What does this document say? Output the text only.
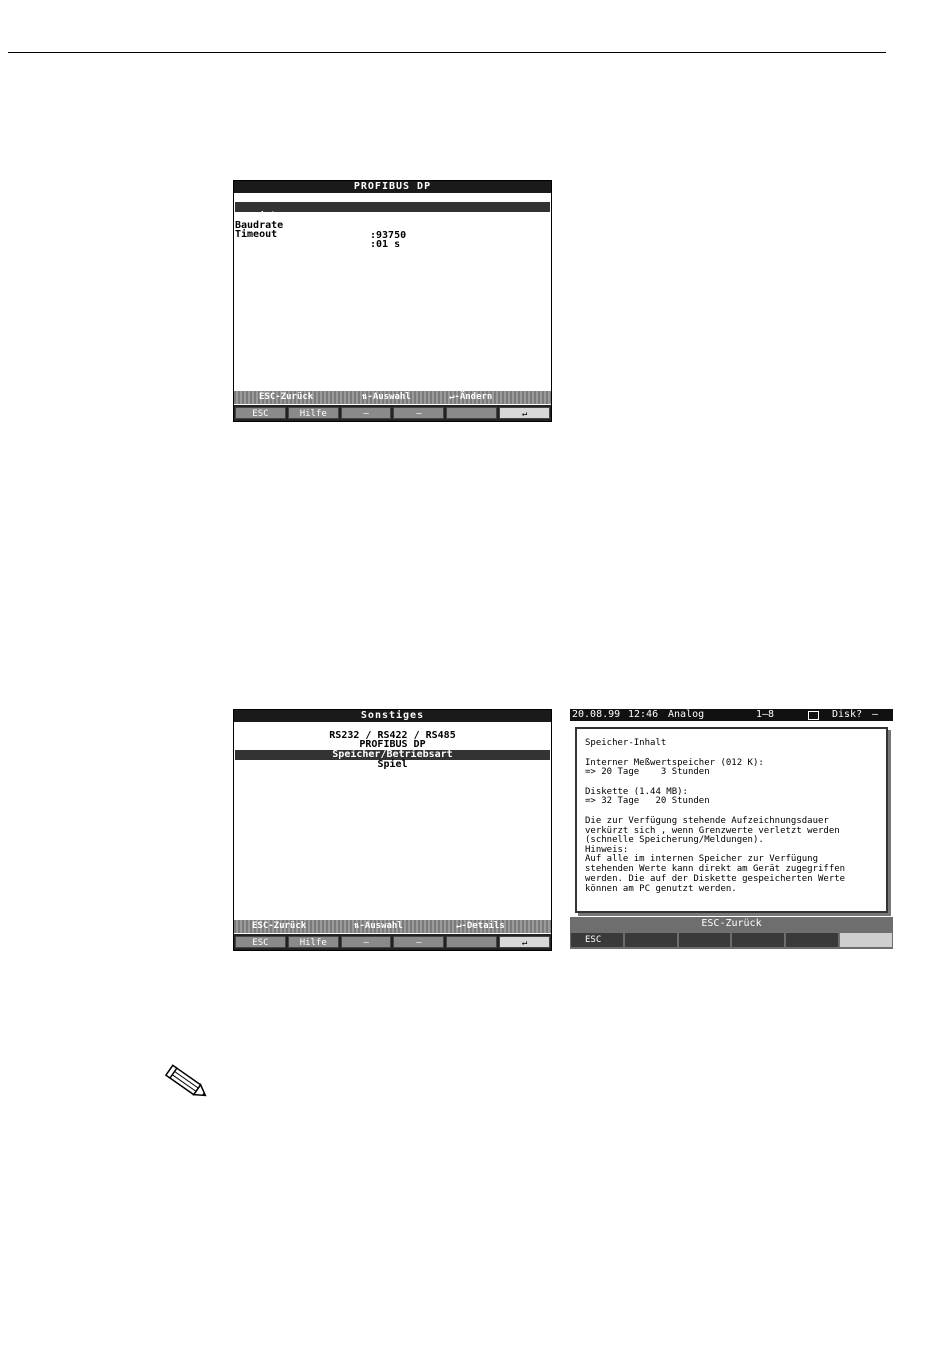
PROFIBUS DP

Betriebsart

:Meßwert-Monitor

Baudrate

:93750

Timeout

:01 s

ESC-Zurück	⇅-Auswahl	↵-Ändern
ESC	Hilfe	–	–	↵
Sonstiges
RS232 / RS422 / RS485
PROFIBUS DP
Speicher/Betriebsart
Spiel
ESC-Zurück	⇅-Auswahl	↵-Details
ESC	Hilfe	–	–	↵

20.08.99

12:46

Analog

	1–8

	Disk?

—

Speicher-Inhalt
Interner Meßwertspeicher (012 K):
=> 20 Tage    3 Stunden
Diskette (1.44 MB):
=> 32 Tage   20 Stunden
Die zur Verfügung stehende Aufzeichnungsdauer
verkürzt sich , wenn Grenzwerte verletzt werden
(schnelle Speicherung/Meldungen).
Hinweis:
Auf alle im internen Speicher zur Verfügung
stehenden Werte kann direkt am Gerät zugegriffen
werden. Die auf der Diskette gespeicherten Werte
können am PC genutzt werden.
ESC-Zurück
ESC
